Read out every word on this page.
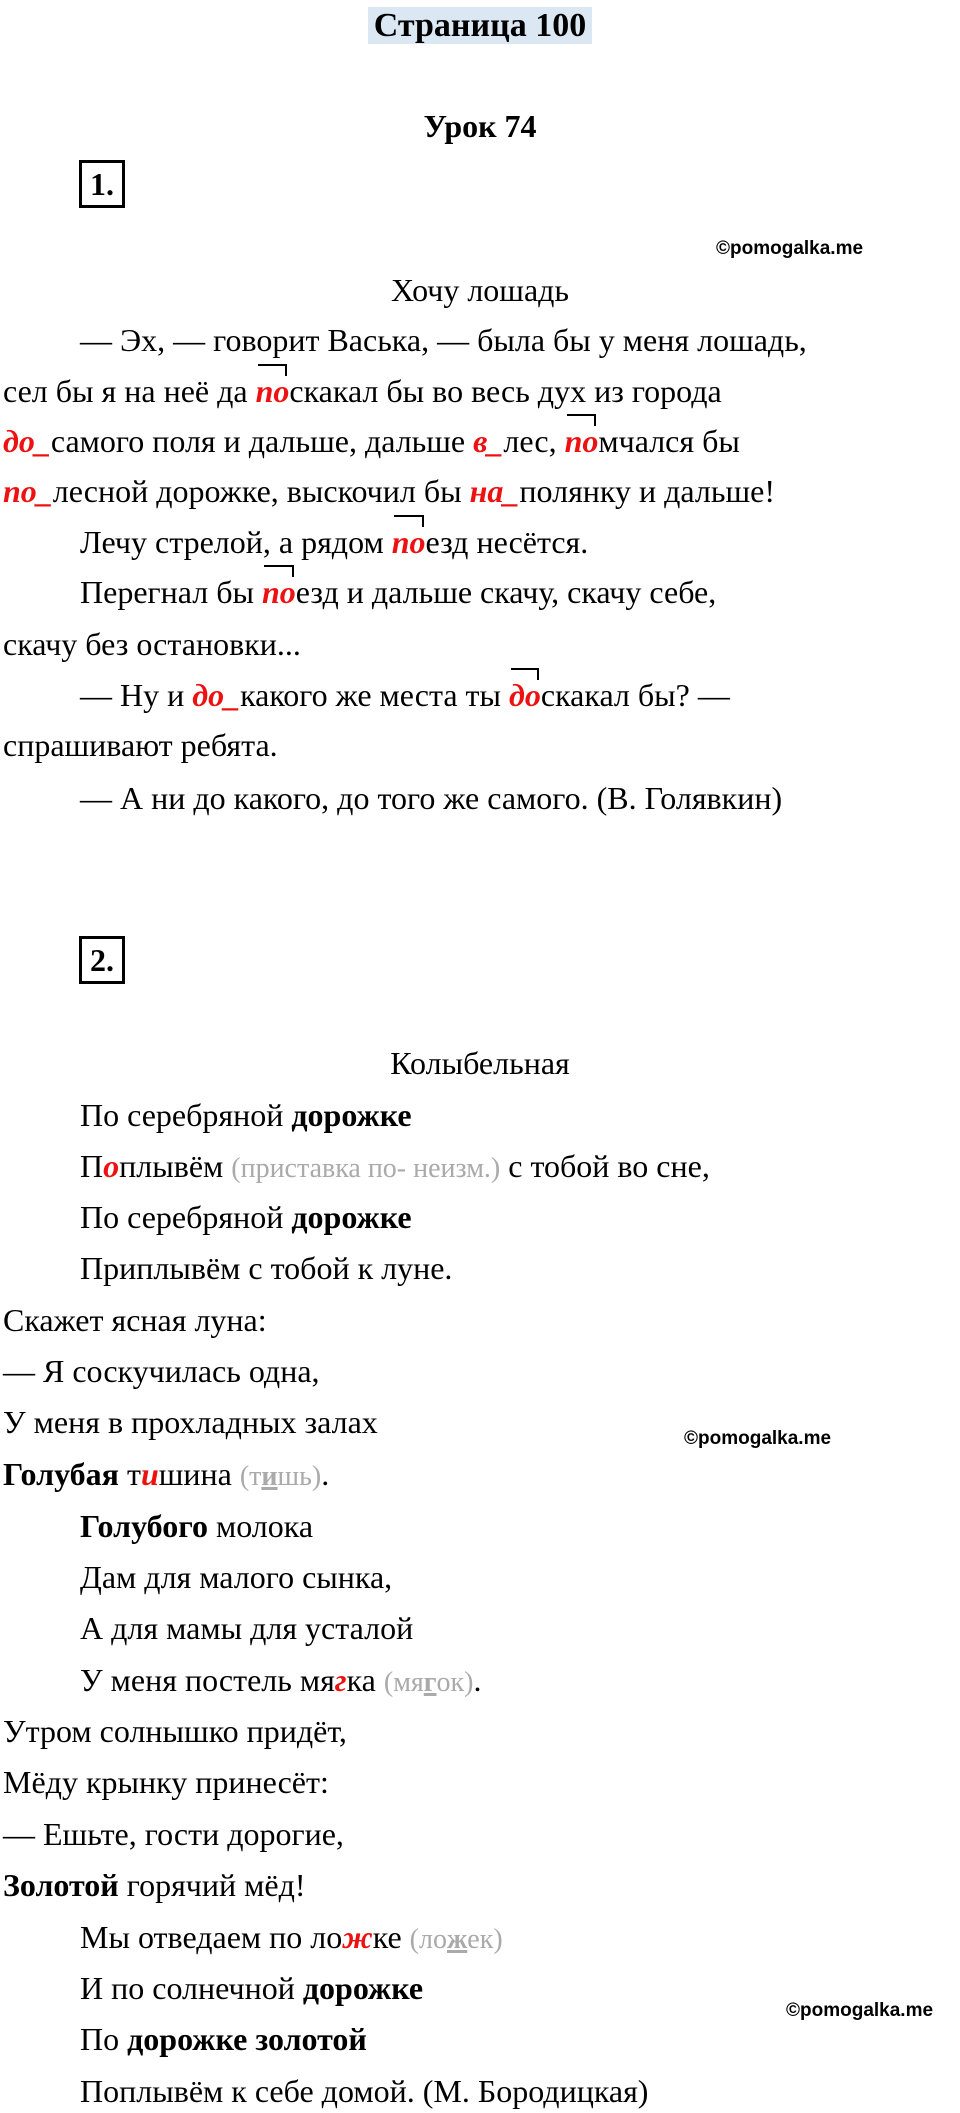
Страница 100
Урок 74
1.
©pomogalka.me
Хочу лошадь
— Эх, — говорит Васька, — была бы у меня лошадь,
сел бы я на неё да
поскакал бы во весь дух из города
до_самого поля и дальше, дальше в_лес,
помчался бы
по_лесной дорожке, выскочил бы на_полянку и дальше!
Лечу стрелой, а рядом
поезд несётся.
Перегнал бы
поезд и дальше скачу, скачу себе,
скачу без остановки...
— Ну и до_какого же места ты
доскакал бы? —
спрашивают ребята.
— А ни до какого, до того же самого. (В. Голявкин)
2.
Колыбельная
По серебряной дорожке
Поплывём (приставка по- неизм.) с тобой во сне,
По серебряной дорожке
Приплывём с тобой к луне.
Скажет ясная луна:
— Я соскучилась одна,
У меня в прохладных залах	©pomogalka.me
Голубая тишина (тишь).
Голубого молока
Дам для малого сынка,
А для мамы для усталой
У меня постель мягка (мягок).
Утром солнышко придёт,
Мёду крынку принесёт:
— Ешьте, гости дорогие,
Золотой горячий мёд!
Мы отведаем по ложке (ложек)
И по солнечной дорожке
©pomogalka.me
По дорожке золотой
Поплывём к себе домой. (М. Бородицкая)
